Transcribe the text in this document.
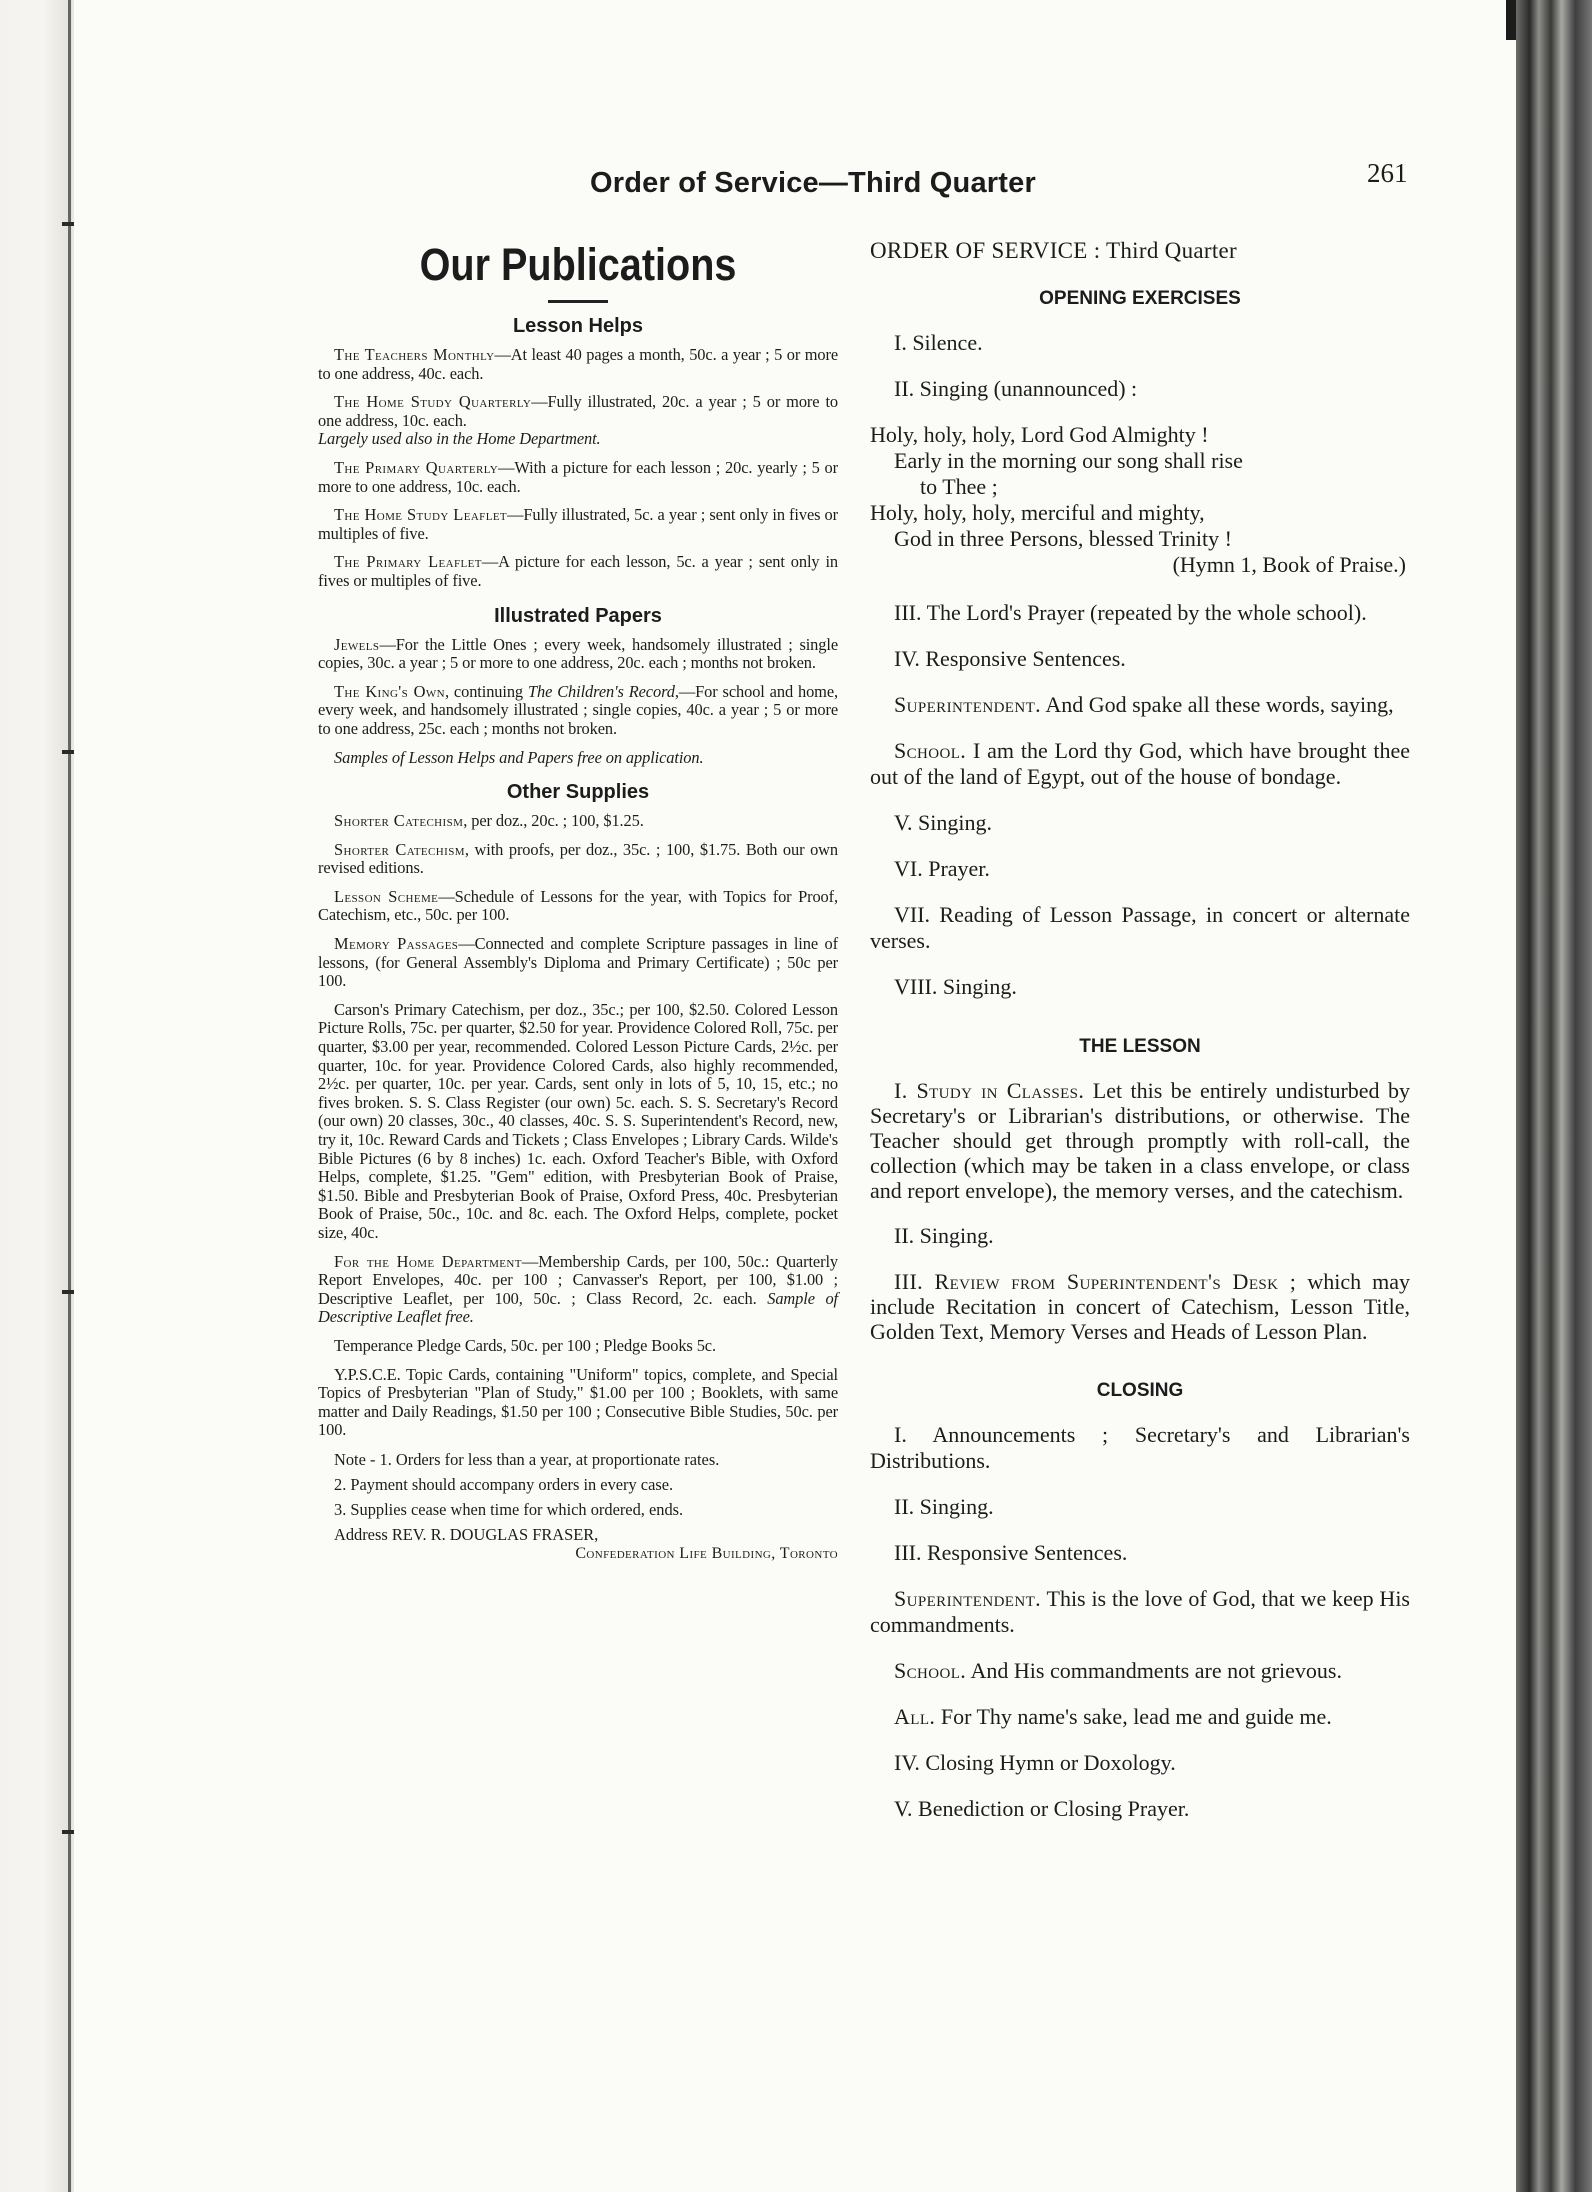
Order of Service—Third Quarter	261
Our Publications
Lesson Helps

The Teachers Monthly—At least 40 pages a month, 50c. a year ; 5 or more to one address, 40c. each.

The Home Study Quarterly—Fully illustrated, 20c. a year ; 5 or more to one address, 10c. each.
Largely used also in the Home Department.

The Primary Quarterly—With a picture for each lesson ; 20c. yearly ; 5 or more to one address, 10c. each.

The Home Study Leaflet—Fully illustrated, 5c. a year ; sent only in fives or multiples of five.

The Primary Leaflet—A picture for each lesson, 5c. a year ; sent only in fives or multiples of five.

Illustrated Papers

Jewels—For the Little Ones ; every week, handsomely illustrated ; single copies, 30c. a year ; 5 or more to one address, 20c. each ; months not broken.

The King's Own, continuing The Children's Record,—For school and home, every week, and handsomely illustrated ; single copies, 40c. a year ; 5 or more to one address, 25c. each ; months not broken.

Samples of Lesson Helps and Papers free on application.

Other Supplies

Shorter Catechism, per doz., 20c. ; 100, $1.25.

Shorter Catechism, with proofs, per doz., 35c. ; 100, $1.75. Both our own revised editions.

Lesson Scheme—Schedule of Lessons for the year, with Topics for Proof, Catechism, etc., 50c. per 100.

Memory Passages—Connected and complete Scripture passages in line of lessons, (for General Assembly's Diploma and Primary Certificate) ; 50c per 100.

Carson's Primary Catechism, per doz., 35c.; per 100, $2.50. Colored Lesson Picture Rolls, 75c. per quarter, $2.50 for year. Providence Colored Roll, 75c. per quarter, $3.00 per year, recommended. Colored Lesson Picture Cards, 2½c. per quarter, 10c. for year. Providence Colored Cards, also highly recommended, 2½c. per quarter, 10c. per year. Cards, sent only in lots of 5, 10, 15, etc.; no fives broken. S. S. Class Register (our own) 5c. each. S. S. Secretary's Record (our own) 20 classes, 30c., 40 classes, 40c. S. S. Superintendent's Record, new, try it, 10c. Reward Cards and Tickets ; Class Envelopes ; Library Cards. Wilde's Bible Pictures (6 by 8 inches) 1c. each. Oxford Teacher's Bible, with Oxford Helps, complete, $1.25. "Gem" edition, with Presbyterian Book of Praise, $1.50. Bible and Presbyterian Book of Praise, Oxford Press, 40c. Presbyterian Book of Praise, 50c., 10c. and 8c. each. The Oxford Helps, complete, pocket size, 40c.

For the Home Department—Membership Cards, per 100, 50c.: Quarterly Report Envelopes, 40c. per 100 ; Canvasser's Report, per 100, $1.00 ; Descriptive Leaflet, per 100, 50c. ; Class Record, 2c. each. Sample of Descriptive Leaflet free.

Temperance Pledge Cards, 50c. per 100 ; Pledge Books 5c.

Y.P.S.C.E. Topic Cards, containing "Uniform" topics, complete, and Special Topics of Presbyterian "Plan of Study," $1.00 per 100 ; Booklets, with same matter and Daily Readings, $1.50 per 100 ; Consecutive Bible Studies, 50c. per 100.

Note - 1. Orders for less than a year, at proportionate rates.

2. Payment should accompany orders in every case.

3. Supplies cease when time for which ordered, ends.

Address REV. R. DOUGLAS FRASER,

Confederation Life Building, Toronto

ORDER OF SERVICE : Third Quarter

OPENING EXERCISES

I. Silence.

II. Singing (unannounced) :

Holy, holy, holy, Lord God Almighty !
Early in the morning our song shall rise
to Thee ;
Holy, holy, holy, merciful and mighty,
God in three Persons, blessed Trinity !
(Hymn 1, Book of Praise.)

III. The Lord's Prayer (repeated by the whole school).

IV. Responsive Sentences.

Superintendent. And God spake all these words, saying,

School. I am the Lord thy God, which have brought thee out of the land of Egypt, out of the house of bondage.

V. Singing.

VI. Prayer.

VII. Reading of Lesson Passage, in concert or alternate verses.

VIII. Singing.

THE LESSON

I. Study in Classes. Let this be entirely undisturbed by Secretary's or Librarian's distributions, or otherwise. The Teacher should get through promptly with roll-call, the collection (which may be taken in a class envelope, or class and report envelope), the memory verses, and the catechism.

II. Singing.

III. Review from Superintendent's Desk ; which may include Recitation in concert of Catechism, Lesson Title, Golden Text, Memory Verses and Heads of Lesson Plan.

CLOSING

I. Announcements ; Secretary's and Librarian's Distributions.

II. Singing.

III. Responsive Sentences.

Superintendent. This is the love of God, that we keep His commandments.

School. And His commandments are not grievous.

All. For Thy name's sake, lead me and guide me.

IV. Closing Hymn or Doxology.

V. Benediction or Closing Prayer.
